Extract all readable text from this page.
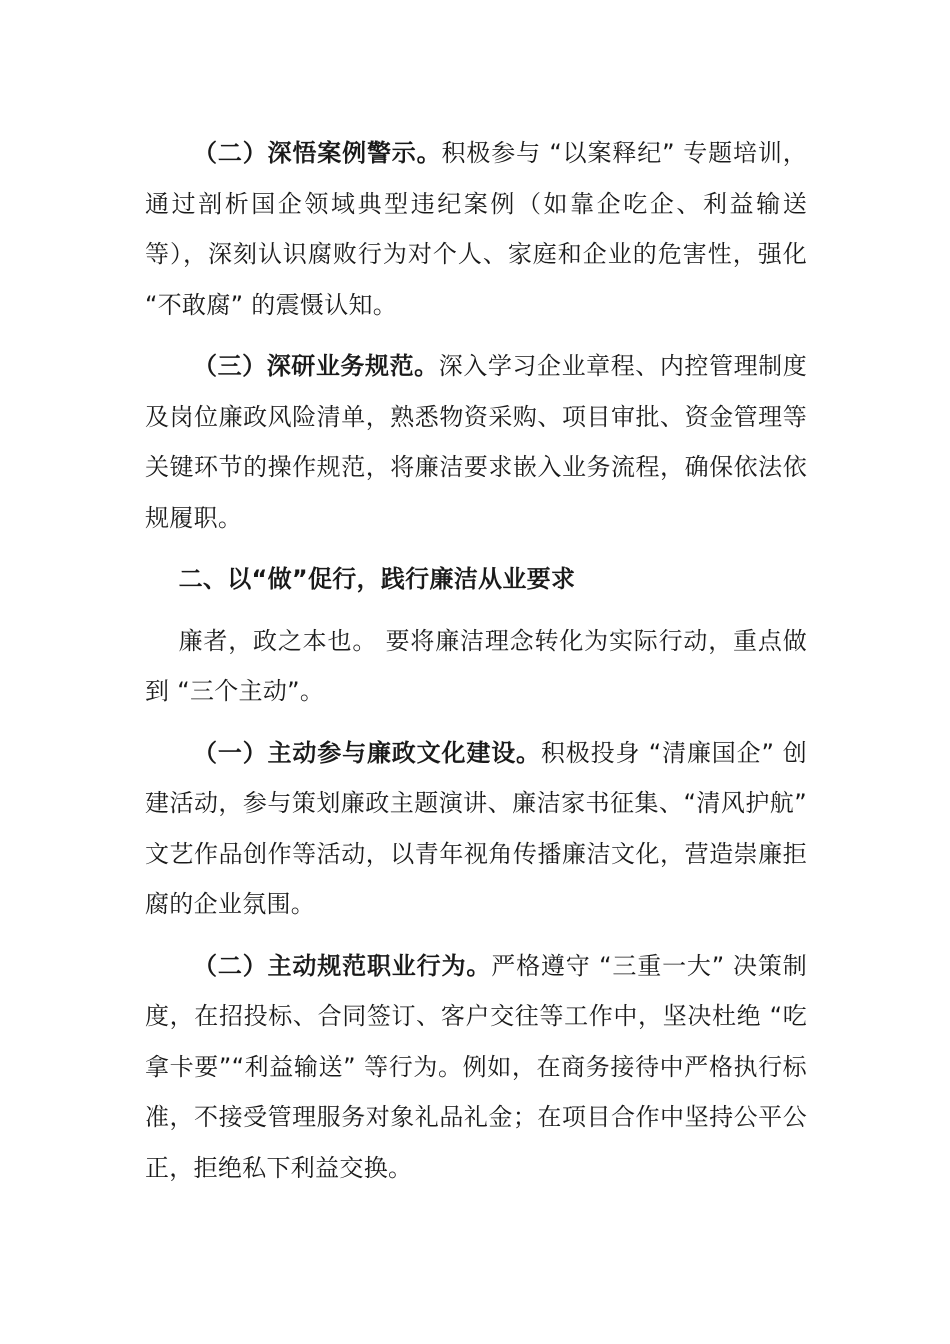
（二）深悟案例警示。积极参与 “以案释纪” 专题培训，通过剖析国企领域典型违纪案例（如靠企吃企、利益输送等），深刻认识腐败行为对个人、家庭和企业的危害性，强化 “不敢腐” 的震慑认知。

（三）深研业务规范。深入学习企业章程、内控管理制度及岗位廉政风险清单，熟悉物资采购、项目审批、资金管理等关键环节的操作规范，将廉洁要求嵌入业务流程，确保依法依规履职。

二、以“做”促行，践行廉洁从业要求

廉者，政之本也。 要将廉洁理念转化为实际行动，重点做到 “三个主动”。

（一）主动参与廉政文化建设。积极投身 “清廉国企” 创建活动，参与策划廉政主题演讲、廉洁家书征集、“清风护航” 文艺作品创作等活动，以青年视角传播廉洁文化，营造崇廉拒腐的企业氛围。

（二）主动规范职业行为。严格遵守 “三重一大” 决策制度，在招投标、合同签订、客户交往等工作中，坚决杜绝 “吃拿卡要”“利益输送” 等行为。例如，在商务接待中严格执行标准，不接受管理服务对象礼品礼金；在项目合作中坚持公平公正，拒绝私下利益交换。
